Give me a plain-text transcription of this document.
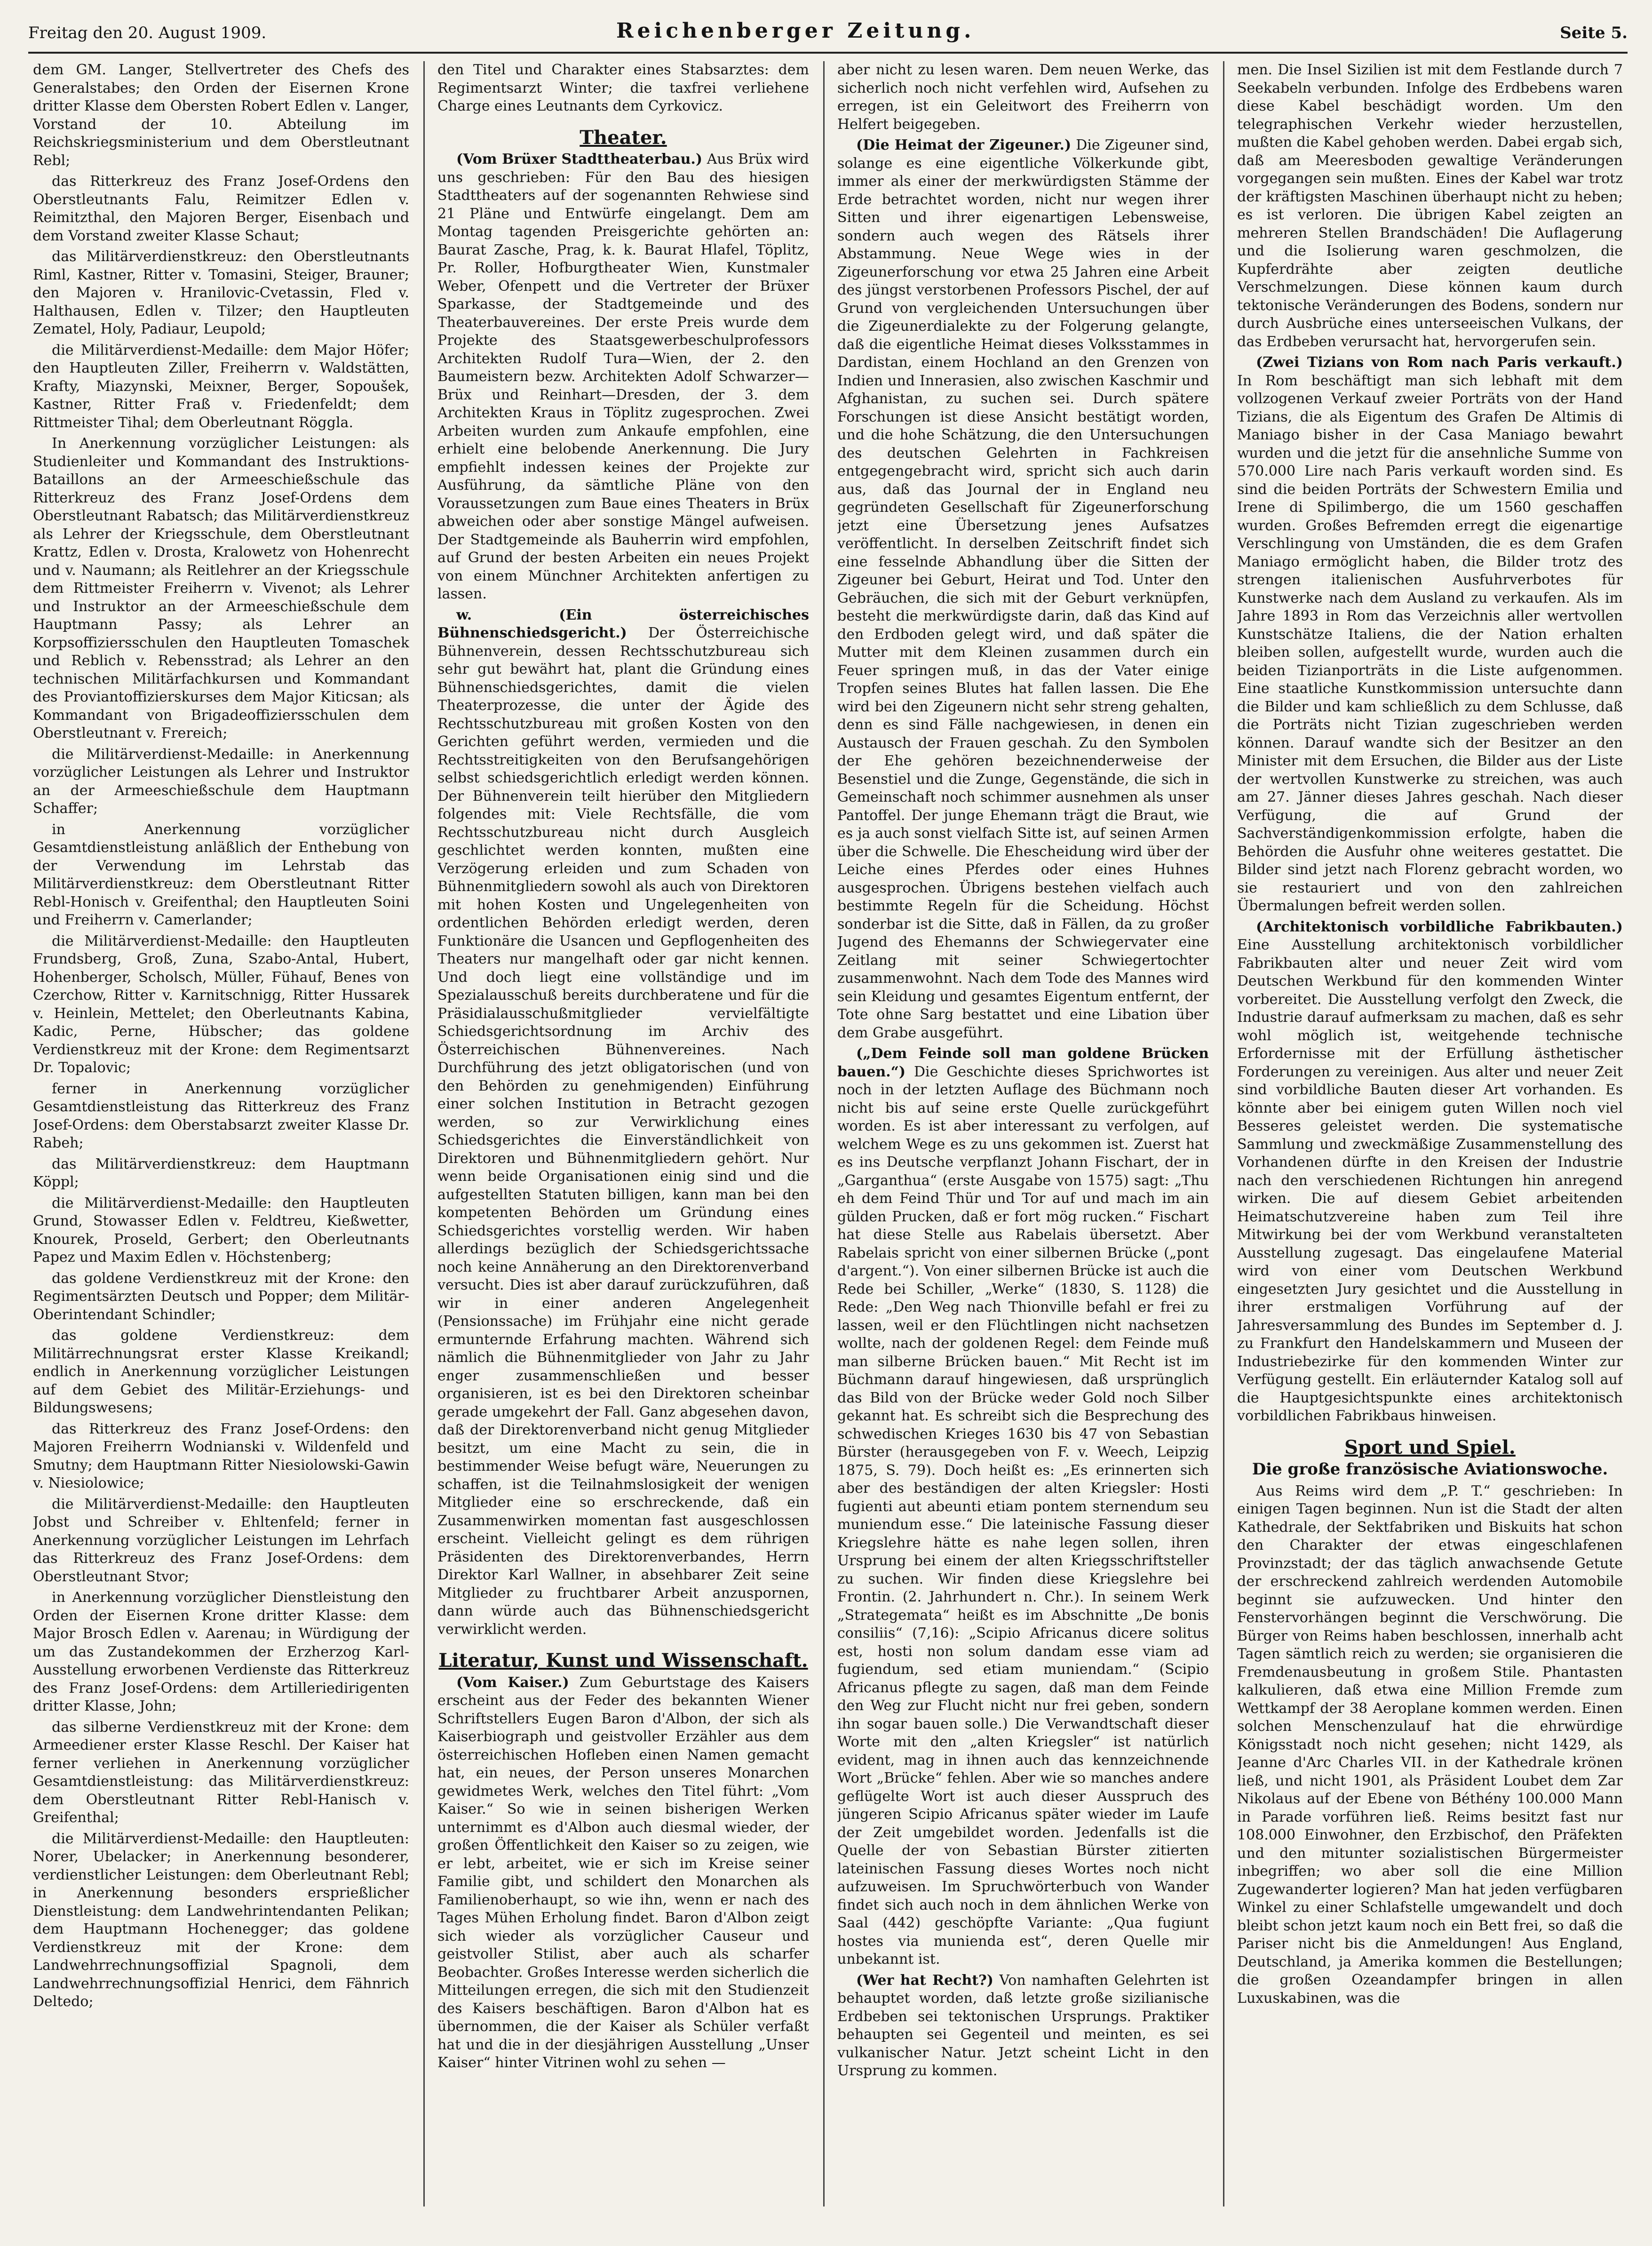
Freitag den 20. August 1909.	Reichenberger Zeitung.	Seite 5.

dem GM. Langer, Stellvertreter des Chefs des Generalstabes; den Orden der Eisernen Krone dritter Klasse dem Obersten Robert Edlen v. Langer, Vorstand der 10. Abteilung im Reichskriegsministerium und dem Oberstleutnant Rebl;

das Ritterkreuz des Franz Josef-Ordens den Oberstleutnants Falu, Reimitzer Edlen v. Reimitzthal, den Majoren Berger, Eisenbach und dem Vorstand zweiter Klasse Schaut;

das Militärverdienstkreuz: den Oberstleutnants Riml, Kastner, Ritter v. Tomasini, Steiger, Brauner; den Majoren v. Hranilovic-Cvetassin, Fled v. Halthausen, Edlen v. Tilzer; den Hauptleuten Zematel, Holy, Padiaur, Leupold;

die Militärverdienst-Medaille: dem Major Höfer; den Hauptleuten Ziller, Freiherrn v. Waldstätten, Krafty, Miazynski, Meixner, Berger, Sopoušek, Kastner, Ritter Fraß v. Friedenfeldt; dem Rittmeister Tihal; dem Oberleutnant Röggla.

In Anerkennung vorzüglicher Leistungen: als Studienleiter und Kommandant des Instruktions-Bataillons an der Armeeschießschule das Ritterkreuz des Franz Josef-Ordens dem Oberstleutnant Rabatsch; das Militärverdienstkreuz als Lehrer der Kriegsschule, dem Oberstleutnant Krattz, Edlen v. Drosta, Kralowetz von Hohenrecht und v. Naumann; als Reitlehrer an der Kriegsschule dem Rittmeister Freiherrn v. Vivenot; als Lehrer und Instruktor an der Armeeschießschule dem Hauptmann Passy; als Lehrer an Korpsoffiziersschulen den Hauptleuten Tomaschek und Reblich v. Rebensstrad; als Lehrer an den technischen Militärfachkursen und Kommandant des Proviantoffizierskurses dem Major Kiticsan; als Kommandant von Brigadeoffiziersschulen dem Oberstleutnant v. Frereich;

die Militärverdienst-Medaille: in Anerkennung vorzüglicher Leistungen als Lehrer und Instruktor an der Armeeschießschule dem Hauptmann Schaffer;

in Anerkennung vorzüglicher Gesamtdienstleistung anläßlich der Enthebung von der Verwendung im Lehrstab das Militärverdienstkreuz: dem Oberstleutnant Ritter Rebl-Honisch v. Greifenthal; den Hauptleuten Soini und Freiherrn v. Camerlander;

die Militärverdienst-Medaille: den Hauptleuten Frundsberg, Groß, Zuna, Szabo-Antal, Hubert, Hohenberger, Scholsch, Müller, Fühauf, Benes von Czerchow, Ritter v. Karnitschnigg, Ritter Hussarek v. Heinlein, Mettelet; den Oberleutnants Kabina, Kadic, Perne, Hübscher; das goldene Verdienstkreuz mit der Krone: dem Regimentsarzt Dr. Topalovic;

ferner in Anerkennung vorzüglicher Gesamtdienstleistung das Ritterkreuz des Franz Josef-Ordens: dem Oberstabsarzt zweiter Klasse Dr. Rabeh;

das Militärverdienstkreuz: dem Hauptmann Köppl;

die Militärverdienst-Medaille: den Hauptleuten Grund, Stowasser Edlen v. Feldtreu, Kießwetter, Knourek, Proseld, Gerbert; den Oberleutnants Papez und Maxim Edlen v. Höchstenberg;

das goldene Verdienstkreuz mit der Krone: den Regimentsärzten Deutsch und Popper; dem Militär-Oberintendant Schindler;

das goldene Verdienstkreuz: dem Militärrechnungsrat erster Klasse Kreikandl; endlich in Anerkennung vorzüglicher Leistungen auf dem Gebiet des Militär-Erziehungs- und Bildungswesens;

das Ritterkreuz des Franz Josef-Ordens: den Majoren Freiherrn Wodnianski v. Wildenfeld und Smutny; dem Hauptmann Ritter Niesiolowski-Gawin v. Niesiolowice;

die Militärverdienst-Medaille: den Hauptleuten Jobst und Schreiber v. Ehltenfeld; ferner in Anerkennung vorzüglicher Leistungen im Lehrfach das Ritterkreuz des Franz Josef-Ordens: dem Oberstleutnant Stvor;

in Anerkennung vorzüglicher Dienstleistung den Orden der Eisernen Krone dritter Klasse: dem Major Brosch Edlen v. Aarenau; in Würdigung der um das Zustandekommen der Erzherzog Karl-Ausstellung erworbenen Verdienste das Ritterkreuz des Franz Josef-Ordens: dem Artilleriedirigenten dritter Klasse, John;

das silberne Verdienstkreuz mit der Krone: dem Armeediener erster Klasse Reschl. Der Kaiser hat ferner verliehen in Anerkennung vorzüglicher Gesamtdienstleistung: das Militärverdienstkreuz: dem Oberstleutnant Ritter Rebl-Hanisch v. Greifenthal;

die Militärverdienst-Medaille: den Hauptleuten: Norer, Ubelacker; in Anerkennung besonderer, verdienstlicher Leistungen: dem Oberleutnant Rebl; in Anerkennung besonders ersprießlicher Dienstleistung: dem Landwehrintendanten Pelikan; dem Hauptmann Hochenegger; das goldene Verdienstkreuz mit der Krone: dem Landwehrrechnungsoffizial Spagnoli, dem Landwehrrechnungsoffizial Henrici, dem Fähnrich Deltedo;

den Titel und Charakter eines Stabsarztes: dem Regimentsarzt Winter; die taxfrei verliehene Charge eines Leutnants dem Cyrkovicz.

Theater.

(Vom Brüxer Stadttheaterbau.) Aus Brüx wird uns geschrieben: Für den Bau des hiesigen Stadttheaters auf der sogenannten Rehwiese sind 21 Pläne und Entwürfe eingelangt. Dem am Montag tagenden Preisgerichte gehörten an: Baurat Zasche, Prag, k. k. Baurat Hlafel, Töplitz, Pr. Roller, Hofburgtheater Wien, Kunstmaler Weber, Ofenpett und die Vertreter der Brüxer Sparkasse, der Stadtgemeinde und des Theaterbauvereines. Der erste Preis wurde dem Projekte des Staatsgewerbeschulprofessors Architekten Rudolf Tura—Wien, der 2. den Baumeistern bezw. Architekten Adolf Schwarzer—Brüx und Reinhart—Dresden, der 3. dem Architekten Kraus in Töplitz zugesprochen. Zwei Arbeiten wurden zum Ankaufe empfohlen, eine erhielt eine belobende Anerkennung. Die Jury empfiehlt indessen keines der Projekte zur Ausführung, da sämtliche Pläne von den Voraussetzungen zum Baue eines Theaters in Brüx abweichen oder aber sonstige Mängel aufweisen. Der Stadtgemeinde als Bauherrin wird empfohlen, auf Grund der besten Arbeiten ein neues Projekt von einem Münchner Architekten anfertigen zu lassen.

w. (Ein österreichisches Bühnenschiedsgericht.) Der Österreichische Bühnenverein, dessen Rechtsschutzbureau sich sehr gut bewährt hat, plant die Gründung eines Bühnenschiedsgerichtes, damit die vielen Theaterprozesse, die unter der Ägide des Rechtsschutzbureau mit großen Kosten von den Gerichten geführt werden, vermieden und die Rechtsstreitigkeiten von den Berufsangehörigen selbst schiedsgerichtlich erledigt werden können. Der Bühnenverein teilt hierüber den Mitgliedern folgendes mit: Viele Rechtsfälle, die vom Rechtsschutzbureau nicht durch Ausgleich geschlichtet werden konnten, mußten eine Verzögerung erleiden und zum Schaden von Bühnenmitgliedern sowohl als auch von Direktoren mit hohen Kosten und Ungelegenheiten von ordentlichen Behörden erledigt werden, deren Funktionäre die Usancen und Gepflogenheiten des Theaters nur mangelhaft oder gar nicht kennen. Und doch liegt eine vollständige und im Spezialausschuß bereits durchberatene und für die Präsidialausschußmitglieder vervielfältigte Schiedsgerichtsordnung im Archiv des Österreichischen Bühnenvereines. Nach Durchführung des jetzt obligatorischen (und von den Behörden zu genehmigenden) Einführung einer solchen Institution in Betracht gezogen werden, so zur Verwirklichung eines Schiedsgerichtes die Einverständlichkeit von Direktoren und Bühnenmitgliedern gehört. Nur wenn beide Organisationen einig sind und die aufgestellten Statuten billigen, kann man bei den kompetenten Behörden um Gründung eines Schiedsgerichtes vorstellig werden. Wir haben allerdings bezüglich der Schiedsgerichtssache noch keine Annäherung an den Direktorenverband versucht. Dies ist aber darauf zurückzuführen, daß wir in einer anderen Angelegenheit (Pensionssache) im Frühjahr eine nicht gerade ermunternde Erfahrung machten. Während sich nämlich die Bühnenmitglieder von Jahr zu Jahr enger zusammenschließen und besser organisieren, ist es bei den Direktoren scheinbar gerade umgekehrt der Fall. Ganz abgesehen davon, daß der Direktorenverband nicht genug Mitglieder besitzt, um eine Macht zu sein, die in bestimmender Weise befugt wäre, Neuerungen zu schaffen, ist die Teilnahmslosigkeit der wenigen Mitglieder eine so erschreckende, daß ein Zusammenwirken momentan fast ausgeschlossen erscheint. Vielleicht gelingt es dem rührigen Präsidenten des Direktorenverbandes, Herrn Direktor Karl Wallner, in absehbarer Zeit seine Mitglieder zu fruchtbarer Arbeit anzuspornen, dann würde auch das Bühnenschiedsgericht verwirklicht werden.

Literatur, Kunst und Wissenschaft.

(Vom Kaiser.) Zum Geburtstage des Kaisers erscheint aus der Feder des bekannten Wiener Schriftstellers Eugen Baron d'Albon, der sich als Kaiserbiograph und geistvoller Erzähler aus dem österreichischen Hofleben einen Namen gemacht hat, ein neues, der Person unseres Monarchen gewidmetes Werk, welches den Titel führt: „Vom Kaiser.“ So wie in seinen bisherigen Werken unternimmt es d'Albon auch diesmal wieder, der großen Öffentlichkeit den Kaiser so zu zeigen, wie er lebt, arbeitet, wie er sich im Kreise seiner Familie gibt, und schildert den Monarchen als Familienoberhaupt, so wie ihn, wenn er nach des Tages Mühen Erholung findet. Baron d'Albon zeigt sich wieder als vorzüglicher Causeur und geistvoller Stilist, aber auch als scharfer Beobachter. Großes Interesse werden sicherlich die Mitteilungen erregen, die sich mit den Studienzeit des Kaisers beschäftigen. Baron d'Albon hat es übernommen, die der Kaiser als Schüler verfaßt hat und die in der diesjährigen Ausstellung „Unser Kaiser“ hinter Vitrinen wohl zu sehen —

aber nicht zu lesen waren. Dem neuen Werke, das sicherlich noch nicht verfehlen wird, Aufsehen zu erregen, ist ein Geleitwort des Freiherrn von Helfert beigegeben.

(Die Heimat der Zigeuner.) Die Zigeuner sind, solange es eine eigentliche Völkerkunde gibt, immer als einer der merkwürdigsten Stämme der Erde betrachtet worden, nicht nur wegen ihrer Sitten und ihrer eigenartigen Lebensweise, sondern auch wegen des Rätsels ihrer Abstammung. Neue Wege wies in der Zigeunerforschung vor etwa 25 Jahren eine Arbeit des jüngst verstorbenen Professors Pischel, der auf Grund von vergleichenden Untersuchungen über die Zigeunerdialekte zu der Folgerung gelangte, daß die eigentliche Heimat dieses Volksstammes in Dardistan, einem Hochland an den Grenzen von Indien und Innerasien, also zwischen Kaschmir und Afghanistan, zu suchen sei. Durch spätere Forschungen ist diese Ansicht bestätigt worden, und die hohe Schätzung, die den Untersuchungen des deutschen Gelehrten in Fachkreisen entgegengebracht wird, spricht sich auch darin aus, daß das Journal der in England neu gegründeten Gesellschaft für Zigeunerforschung jetzt eine Übersetzung jenes Aufsatzes veröffentlicht. In derselben Zeitschrift findet sich eine fesselnde Abhandlung über die Sitten der Zigeuner bei Geburt, Heirat und Tod. Unter den Gebräuchen, die sich mit der Geburt verknüpfen, besteht die merkwürdigste darin, daß das Kind auf den Erdboden gelegt wird, und daß später die Mutter mit dem Kleinen zusammen durch ein Feuer springen muß, in das der Vater einige Tropfen seines Blutes hat fallen lassen. Die Ehe wird bei den Zigeunern nicht sehr streng gehalten, denn es sind Fälle nachgewiesen, in denen ein Austausch der Frauen geschah. Zu den Symbolen der Ehe gehören bezeichnenderweise der Besenstiel und die Zunge, Gegenstände, die sich in Gemeinschaft noch schimmer ausnehmen als unser Pantoffel. Der junge Ehemann trägt die Braut, wie es ja auch sonst vielfach Sitte ist, auf seinen Armen über die Schwelle. Die Ehescheidung wird über der Leiche eines Pferdes oder eines Huhnes ausgesprochen. Übrigens bestehen vielfach auch bestimmte Regeln für die Scheidung. Höchst sonderbar ist die Sitte, daß in Fällen, da zu großer Jugend des Ehemanns der Schwiegervater eine Zeitlang mit seiner Schwiegertochter zusammenwohnt. Nach dem Tode des Mannes wird sein Kleidung und gesamtes Eigentum entfernt, der Tote ohne Sarg bestattet und eine Libation über dem Grabe ausgeführt.

(„Dem Feinde soll man goldene Brücken bauen.“) Die Geschichte dieses Sprichwortes ist noch in der letzten Auflage des Büchmann noch nicht bis auf seine erste Quelle zurückgeführt worden. Es ist aber interessant zu verfolgen, auf welchem Wege es zu uns gekommen ist. Zuerst hat es ins Deutsche verpflanzt Johann Fischart, der in „Garganthua“ (erste Ausgabe von 1575) sagt: „Thu eh dem Feind Thür und Tor auf und mach im ain gülden Prucken, daß er fort mög rucken.“ Fischart hat diese Stelle aus Rabelais übersetzt. Aber Rabelais spricht von einer silbernen Brücke („pont d'argent.“). Von einer silbernen Brücke ist auch die Rede bei Schiller, „Werke“ (1830, S. 1128) die Rede: „Den Weg nach Thionville befahl er frei zu lassen, weil er den Flüchtlingen nicht nachsetzen wollte, nach der goldenen Regel: dem Feinde muß man silberne Brücken bauen.“ Mit Recht ist im Büchmann darauf hingewiesen, daß ursprünglich das Bild von der Brücke weder Gold noch Silber gekannt hat. Es schreibt sich die Besprechung des schwedischen Krieges 1630 bis 47 von Sebastian Bürster (herausgegeben von F. v. Weech, Leipzig 1875, S. 79). Doch heißt es: „Es erinnerten sich aber des beständigen der alten Kriegsler: Hosti fugienti aut abeunti etiam pontem sternendum seu muniendum esse.“ Die lateinische Fassung dieser Kriegslehre hätte es nahe legen sollen, ihren Ursprung bei einem der alten Kriegsschriftsteller zu suchen. Wir finden diese Kriegslehre bei Frontin. (2. Jahrhundert n. Chr.). In seinem Werk „Strategemata“ heißt es im Abschnitte „De bonis consiliis“ (7,16): „Scipio Africanus dicere solitus est, hosti non solum dandam esse viam ad fugiendum, sed etiam muniendam.“ (Scipio Africanus pflegte zu sagen, daß man dem Feinde den Weg zur Flucht nicht nur frei geben, sondern ihn sogar bauen solle.) Die Verwandtschaft dieser Worte mit den „alten Kriegsler“ ist natürlich evident, mag in ihnen auch das kennzeichnende Wort „Brücke“ fehlen. Aber wie so manches andere geflügelte Wort ist auch dieser Ausspruch des jüngeren Scipio Africanus später wieder im Laufe der Zeit umgebildet worden. Jedenfalls ist die Quelle der von Sebastian Bürster zitierten lateinischen Fassung dieses Wortes noch nicht aufzuweisen. Im Spruchwörterbuch von Wander findet sich auch noch in dem ähnlichen Werke von Saal (442) geschöpfte Variante: „Qua fugiunt hostes via munienda est“, deren Quelle mir unbekannt ist.

(Wer hat Recht?) Von namhaften Gelehrten ist behauptet worden, daß letzte große sizilianische Erdbeben sei tektonischen Ursprungs. Praktiker behaupten sei Gegenteil und meinten, es sei vulkanischer Natur. Jetzt scheint Licht in den Ursprung zu kommen.

men. Die Insel Sizilien ist mit dem Festlande durch 7 Seekabeln verbunden. Infolge des Erdbebens waren diese Kabel beschädigt worden. Um den telegraphischen Verkehr wieder herzustellen, mußten die Kabel gehoben werden. Dabei ergab sich, daß am Meeresboden gewaltige Veränderungen vorgegangen sein mußten. Eines der Kabel war trotz der kräftigsten Maschinen überhaupt nicht zu heben; es ist verloren. Die übrigen Kabel zeigten an mehreren Stellen Brandschäden! Die Auflagerung und die Isolierung waren geschmolzen, die Kupferdrähte aber zeigten deutliche Verschmelzungen. Diese können kaum durch tektonische Veränderungen des Bodens, sondern nur durch Ausbrüche eines unterseeischen Vulkans, der das Erdbeben verursacht hat, hervorgerufen sein.

(Zwei Tizians von Rom nach Paris verkauft.) In Rom beschäftigt man sich lebhaft mit dem vollzogenen Verkauf zweier Porträts von der Hand Tizians, die als Eigentum des Grafen De Altimis di Maniago bisher in der Casa Maniago bewahrt wurden und die jetzt für die ansehnliche Summe von 570.000 Lire nach Paris verkauft worden sind. Es sind die beiden Porträts der Schwestern Emilia und Irene di Spilimbergo, die um 1560 geschaffen wurden. Großes Befremden erregt die eigenartige Verschlingung von Umständen, die es dem Grafen Maniago ermöglicht haben, die Bilder trotz des strengen italienischen Ausfuhrverbotes für Kunstwerke nach dem Ausland zu verkaufen. Als im Jahre 1893 in Rom das Verzeichnis aller wertvollen Kunstschätze Italiens, die der Nation erhalten bleiben sollen, aufgestellt wurde, wurden auch die beiden Tizianporträts in die Liste aufgenommen. Eine staatliche Kunstkommission untersuchte dann die Bilder und kam schließlich zu dem Schlusse, daß die Porträts nicht Tizian zugeschrieben werden können. Darauf wandte sich der Besitzer an den Minister mit dem Ersuchen, die Bilder aus der Liste der wertvollen Kunstwerke zu streichen, was auch am 27. Jänner dieses Jahres geschah. Nach dieser Verfügung, die auf Grund der Sachverständigenkommission erfolgte, haben die Behörden die Ausfuhr ohne weiteres gestattet. Die Bilder sind jetzt nach Florenz gebracht worden, wo sie restauriert und von den zahlreichen Übermalungen befreit werden sollen.

(Architektonisch vorbildliche Fabrikbauten.) Eine Ausstellung architektonisch vorbildlicher Fabrikbauten alter und neuer Zeit wird vom Deutschen Werkbund für den kommenden Winter vorbereitet. Die Ausstellung verfolgt den Zweck, die Industrie darauf aufmerksam zu machen, daß es sehr wohl möglich ist, weitgehende technische Erfordernisse mit der Erfüllung ästhetischer Forderungen zu vereinigen. Aus alter und neuer Zeit sind vorbildliche Bauten dieser Art vorhanden. Es könnte aber bei einigem guten Willen noch viel Besseres geleistet werden. Die systematische Sammlung und zweckmäßige Zusammenstellung des Vorhandenen dürfte in den Kreisen der Industrie nach den verschiedenen Richtungen hin anregend wirken. Die auf diesem Gebiet arbeitenden Heimatschutzvereine haben zum Teil ihre Mitwirkung bei der vom Werkbund veranstalteten Ausstellung zugesagt. Das eingelaufene Material wird von einer vom Deutschen Werkbund eingesetzten Jury gesichtet und die Ausstellung in ihrer erstmaligen Vorführung auf der Jahresversammlung des Bundes im September d. J. zu Frankfurt den Handelskammern und Museen der Industriebezirke für den kommenden Winter zur Verfügung gestellt. Ein erläuternder Katalog soll auf die Hauptgesichtspunkte eines architektonisch vorbildlichen Fabrikbaus hinweisen.

Sport und Spiel.
Die große französische Aviationswoche.

Aus Reims wird dem „P. T.“ geschrieben: In einigen Tagen beginnen. Nun ist die Stadt der alten Kathedrale, der Sektfabriken und Biskuits hat schon den Charakter der etwas eingeschlafenen Provinzstadt; der das täglich anwachsende Getute der erschreckend zahlreich werdenden Automobile beginnt sie aufzuwecken. Und hinter den Fenstervorhängen beginnt die Verschwörung. Die Bürger von Reims haben beschlossen, innerhalb acht Tagen sämtlich reich zu werden; sie organisieren die Fremdenausbeutung in großem Stile. Phantasten kalkulieren, daß etwa eine Million Fremde zum Wettkampf der 38 Aeroplane kommen werden. Einen solchen Menschenzulauf hat die ehrwürdige Königsstadt noch nicht gesehen; nicht 1429, als Jeanne d'Arc Charles VII. in der Kathedrale krönen ließ, und nicht 1901, als Präsident Loubet dem Zar Nikolaus auf der Ebene von Béthény 100.000 Mann in Parade vorführen ließ. Reims besitzt fast nur 108.000 Einwohner, den Erzbischof, den Präfekten und den mitunter sozialistischen Bürgermeister inbegriffen; wo aber soll die eine Million Zugewanderter logieren? Man hat jeden verfügbaren Winkel zu einer Schlafstelle umgewandelt und doch bleibt schon jetzt kaum noch ein Bett frei, so daß die Pariser nicht bis die Anmeldungen! Aus England, Deutschland, ja Amerika kommen die Bestellungen; die großen Ozeandampfer bringen in allen Luxuskabinen, was die
